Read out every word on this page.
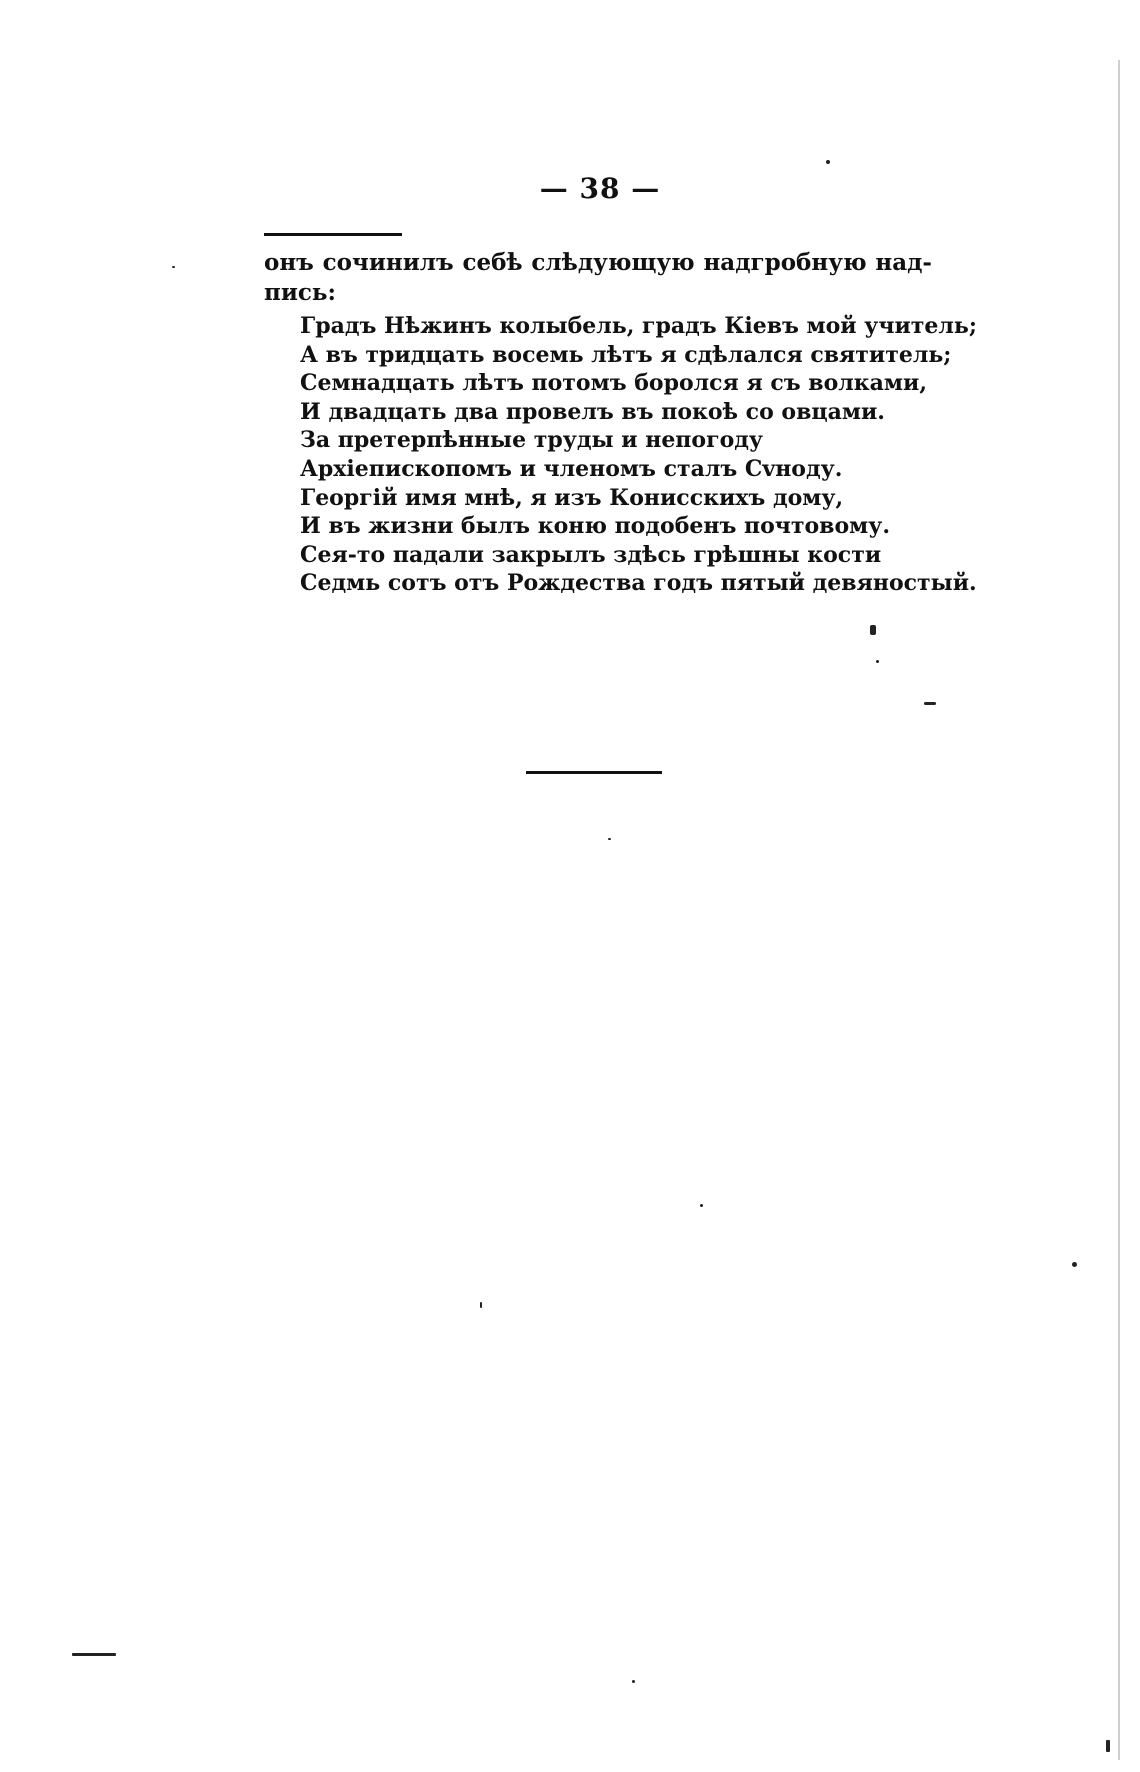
— 38 —
онъ сочинилъ себѣ слѣдующую надгробную над-
пись:
Градъ Нѣжинъ колыбель, градъ Кіевъ мой учитель;
А въ тридцать восемь лѣтъ я сдѣлался святитель;
Семнадцать лѣтъ потомъ боролся я съ волками,
И двадцать два провелъ въ покоѣ со овцами.
За претерпѣнные труды и непогоду
Архіепископомъ и членомъ сталъ Сvноду.
Георгій имя мнѣ, я изъ Конисскихъ дому,
И въ жизни былъ коню подобенъ почтовому.
Сея-то падали закрылъ здѣсь грѣшны кости
Седмь сотъ отъ Рождества годъ пятый девяностый.
